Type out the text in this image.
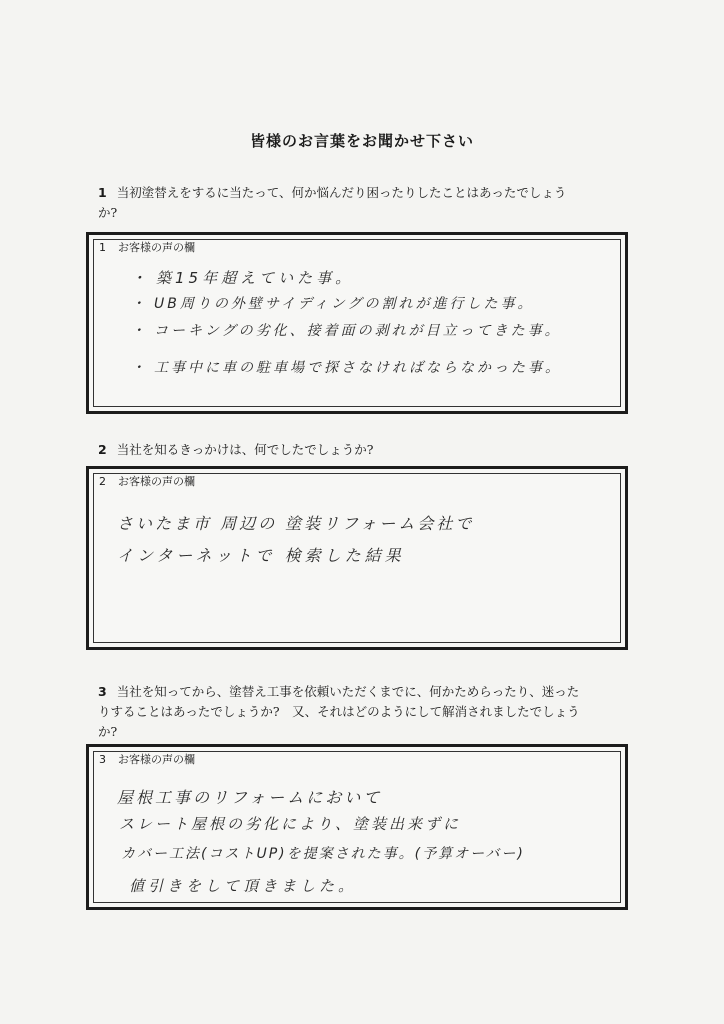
皆様のお言葉をお聞かせ下さい
1 当初塗替えをするに当たって、何か悩んだり困ったりしたことはあったでしょう
か?
1 お客様の声の欄
・ 築15年超えていた事。
・ UB周りの外壁サイディングの割れが進行した事。
・ コーキングの劣化、接着面の剥れが目立ってきた事。
・ 工事中に車の駐車場で探さなければならなかった事。
2 当社を知るきっかけは、何でしたでしょうか?
2 お客様の声の欄
さいたま市 周辺の 塗装リフォーム会社で
インターネットで 検索した結果
3 当社を知ってから、塗替え工事を依頼いただくまでに、何かためらったり、迷った
りすることはあったでしょうか?　又、それはどのようにして解消されましたでしょう
か?
3 お客様の声の欄
屋根工事のリフォームにおいて
スレート屋根の劣化により、塗装出来ずに
カバー工法(コストUP)を提案された事。(予算オーバー)
値引きをして頂きました。
